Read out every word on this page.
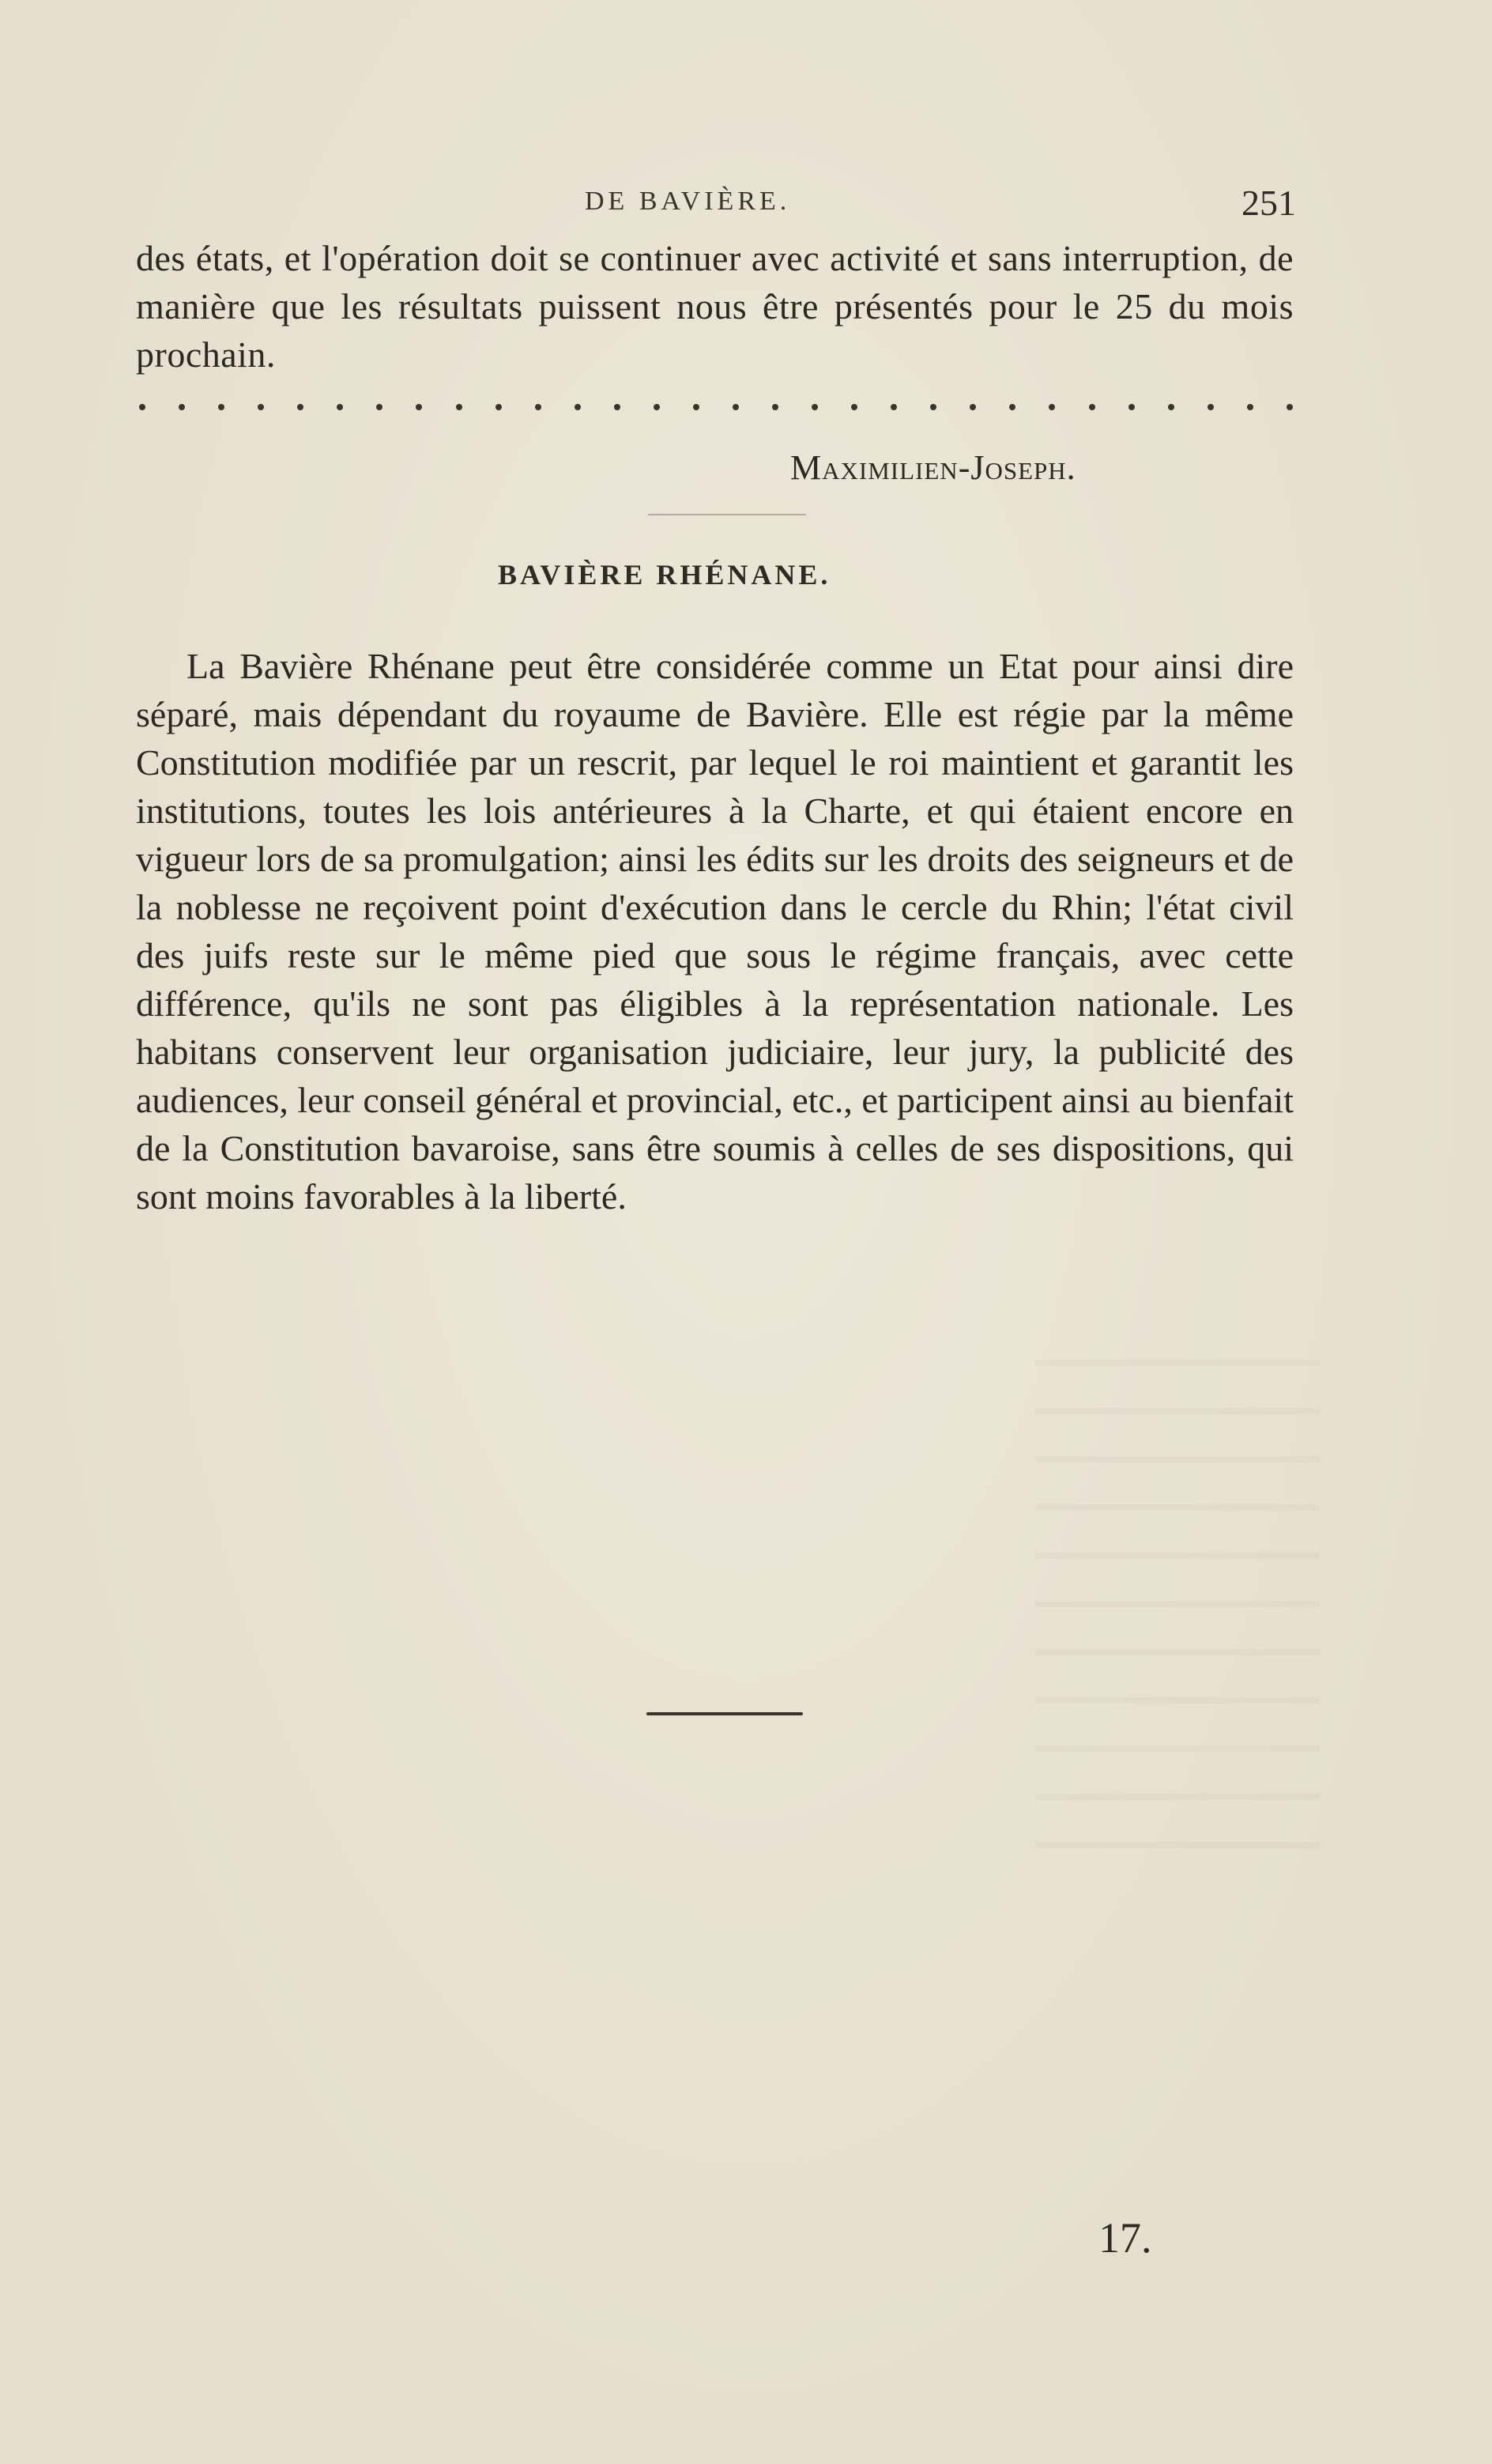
DE BAVIÈRE.	251

des états, et l'opération doit se continuer avec activité et sans interruption, de manière que les résultats puissent nous être présentés pour le 25 du mois prochain.

Maximilien-Joseph.
BAVIÈRE RHÉNANE.

La Bavière Rhénane peut être considérée comme un Etat pour ainsi dire séparé, mais dépendant du royaume de Bavière. Elle est régie par la même Constitution modifiée par un rescrit, par lequel le roi maintient et garantit les institutions, toutes les lois antérieures à la Charte, et qui étaient encore en vigueur lors de sa promulgation; ainsi les édits sur les droits des seigneurs et de la noblesse ne reçoivent point d'exécution dans le cercle du Rhin; l'état civil des juifs reste sur le même pied que sous le régime français, avec cette différence, qu'ils ne sont pas éligibles à la représentation nationale. Les habitans conservent leur organisation judiciaire, leur jury, la publicité des audiences, leur conseil général et provincial, etc., et participent ainsi au bienfait de la Constitution bavaroise, sans être soumis à celles de ses dispositions, qui sont moins favorables à la liberté.

17.
